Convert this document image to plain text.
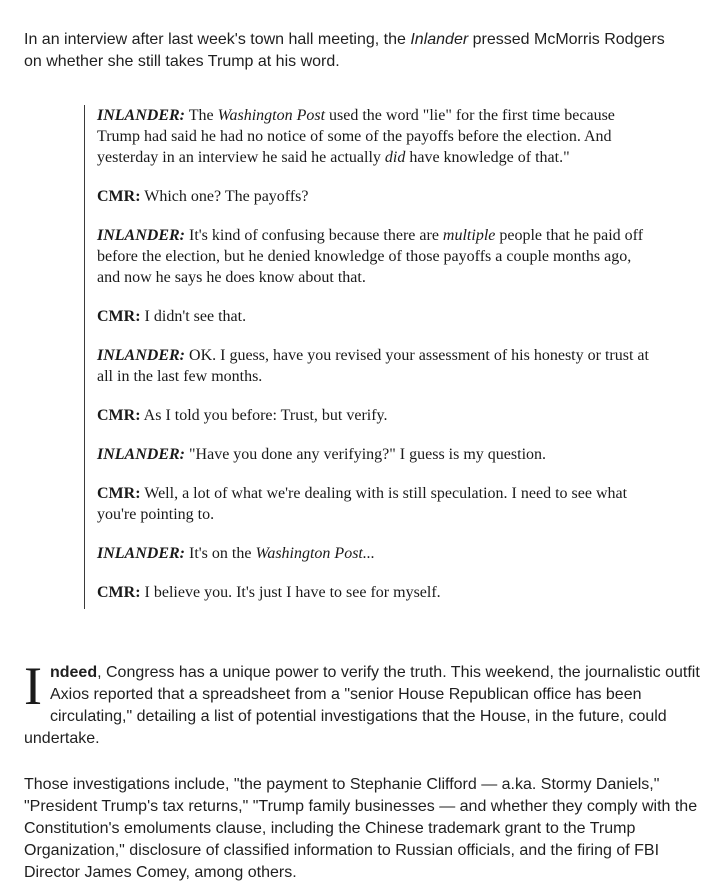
In an interview after last week's town hall meeting, the Inlander pressed McMorris Rodgers on whether she still takes Trump at his word.

INLANDER: The Washington Post used the word "lie" for the first time because Trump had said he had no notice of some of the payoffs before the election. And yesterday in an interview he said he actually did have knowledge of that."

CMR: Which one? The payoffs?

INLANDER: It's kind of confusing because there are multiple people that he paid off before the election, but he denied knowledge of those payoffs a couple months ago, and now he says he does know about that.

CMR: I didn't see that.

INLANDER: OK. I guess, have you revised your assessment of his honesty or trust at all in the last few months.

CMR: As I told you before: Trust, but verify.

INLANDER: "Have you done any verifying?" I guess is my question.

CMR: Well, a lot of what we're dealing with is still speculation. I need to see what you're pointing to.

INLANDER: It's on the Washington Post...

CMR: I believe you. It's just I have to see for myself.

Indeed, Congress has a unique power to verify the truth. This weekend, the journalistic outfit Axios reported that a spreadsheet from a "senior House Republican office has been circulating," detailing a list of potential investigations that the House, in the future, could undertake.

Those investigations include, "the payment to Stephanie Clifford — a.ka. Stormy Daniels," "President Trump's tax returns," "Trump family businesses — and whether they comply with the Constitution's emoluments clause, including the Chinese trademark grant to the Trump Organization," disclosure of classified information to Russian officials, and the firing of FBI Director James Comey, among others.
